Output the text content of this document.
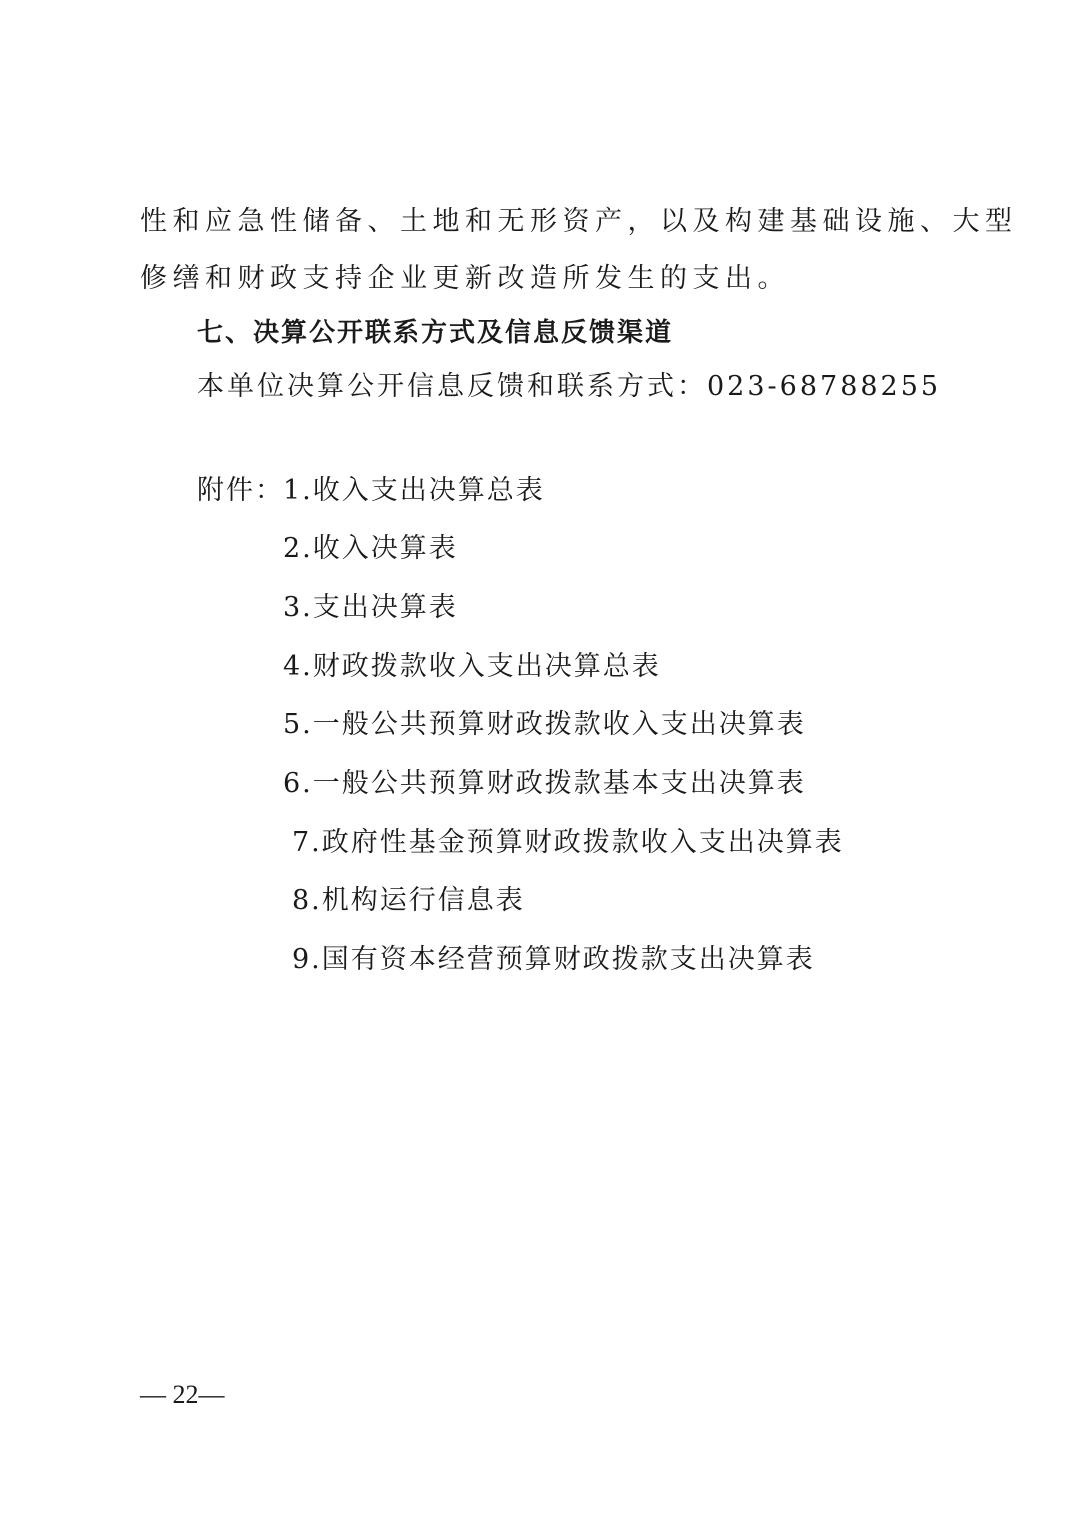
性和应急性储备、土地和无形资产，以及构建基础设施、大型
修缮和财政支持企业更新改造所发生的支出。
七、决算公开联系方式及信息反馈渠道
本单位决算公开信息反馈和联系方式：023-68788255
附件： 1.收入支出决算总表
2.收入决算表
3.支出决算表
4.财政拨款收入支出决算总表
5.一般公共预算财政拨款收入支出决算表
6.一般公共预算财政拨款基本支出决算表
7.政府性基金预算财政拨款收入支出决算表
8.机构运行信息表
9.国有资本经营预算财政拨款支出决算表
— 22—
